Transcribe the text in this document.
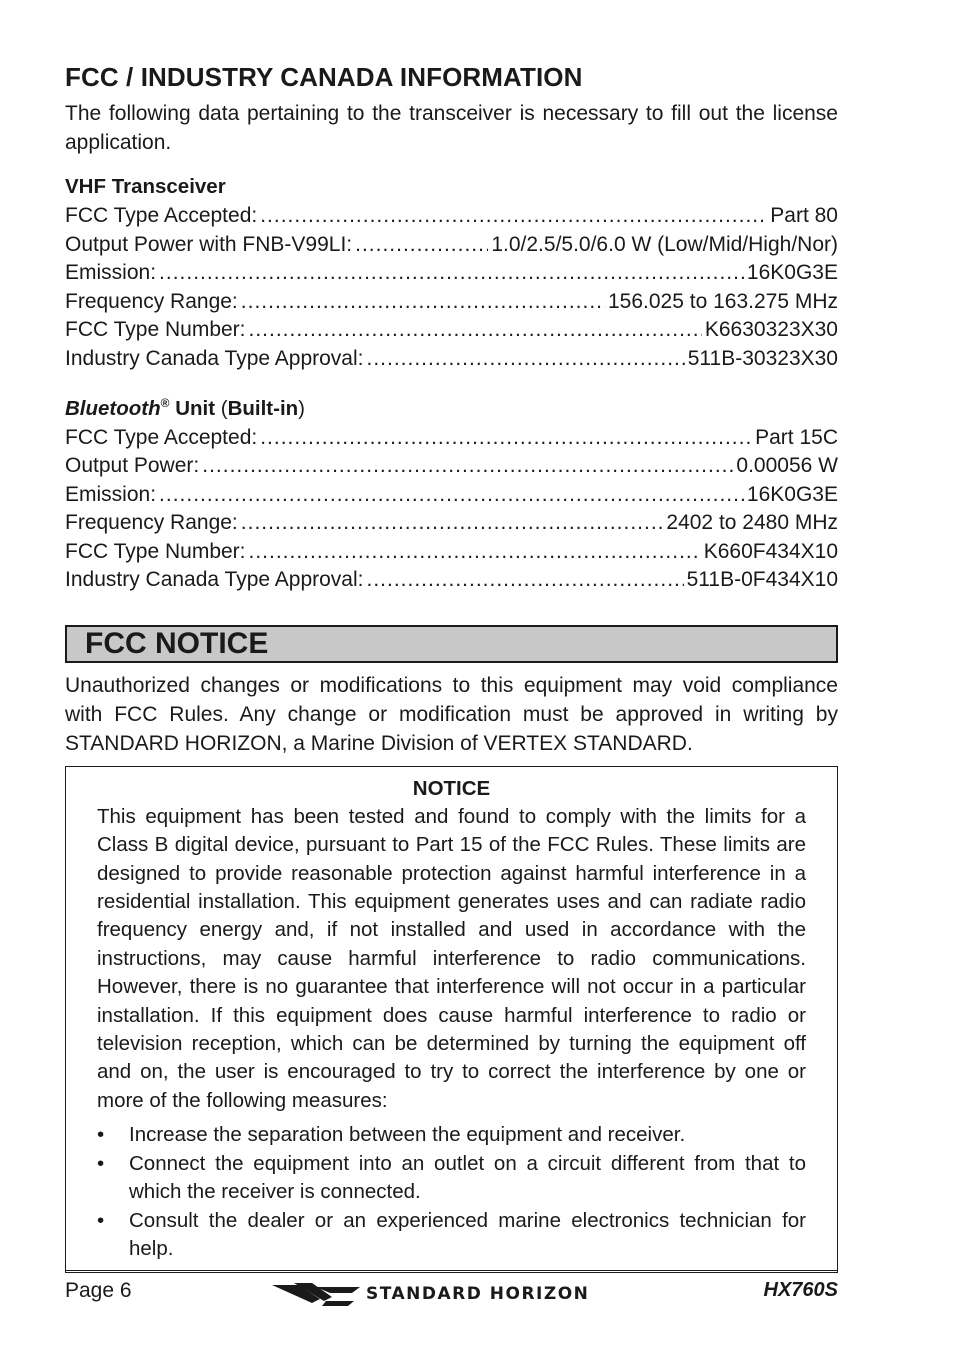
FCC / INDUSTRY CANADA INFORMATION

The following data pertaining to the transceiver is necessary to fill out the license application.

VHF Transceiver
FCC Type Accepted: .....	Part 80
Output Power with FNB-V99LI: .....	1.0/2.5/5.0/6.0 W (Low/Mid/High/Nor)
Emission: .....	16K0G3E
Frequency Range: .....	156.025 to 163.275 MHz
FCC Type Number: .....	K6630323X30
Industry Canada Type Approval: .....	511B-30323X30
Bluetooth® Unit (Built-in)
FCC Type Accepted: .....	Part 15C
Output Power: .....	0.00056 W
Emission: .....	16K0G3E
Frequency Range: .....	2402 to 2480 MHz
FCC Type Number: .....	K660F434X10
Industry Canada Type Approval: .....	511B-0F434X10
FCC NOTICE

Unauthorized changes or modifications to this equipment may void compliance with FCC Rules. Any change or modification must be approved in writing by STANDARD HORIZON, a Marine Division of VERTEX STANDARD.

NOTICE

This equipment has been tested and found to comply with the limits for a Class B digital device, pursuant to Part 15 of the FCC Rules. These limits are designed to provide reasonable protection against harmful interference in a residential installation. This equipment generates uses and can radiate radio frequency energy and, if not installed and used in accordance with the instructions, may cause harmful interference to radio communications. However, there is no guarantee that interference will not occur in a particular installation. If this equipment does cause harmful interference to radio or television reception, which can be determined by turning the equipment off and on, the user is encouraged to try to correct the interference by one or more of the following measures:

• Increase the separation between the equipment and receiver.
• Connect the equipment into an outlet on a circuit different from that to which the receiver is connected.
• Consult the dealer or an experienced marine electronics technician for help.
Page 6	STANDARD HORIZON	HX760S
